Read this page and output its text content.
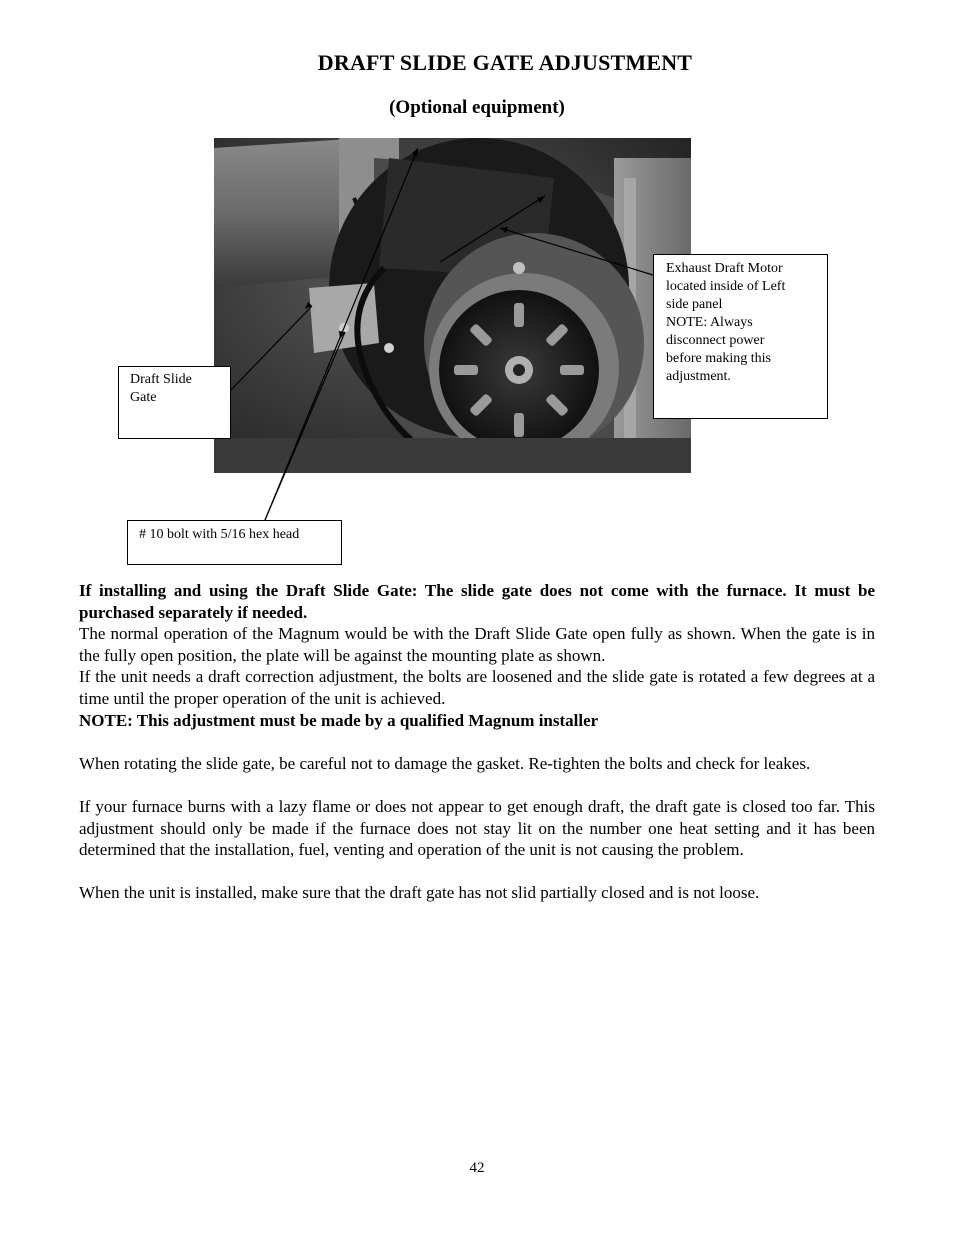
DRAFT SLIDE GATE ADJUSTMENT
(Optional equipment)
Draft Slide
Gate
Exhaust Draft Motor
located inside of Left
side panel
NOTE: Always
disconnect power
before making this
adjustment.
# 10 bolt with 5/16 hex head

If installing and using the Draft Slide Gate: The slide gate does not come with the furnace. It must be purchased separately if needed.

The normal operation of the Magnum would be with the Draft Slide Gate open fully as shown. When the gate is in the fully open position, the plate will be against the mounting plate as shown.

If the unit needs a draft correction adjustment, the bolts are loosened and the slide gate is rotated a few degrees at a time until the proper operation of the unit is achieved.

NOTE: This adjustment must be made by a qualified Magnum installer

When rotating the slide gate, be careful not to damage the gasket. Re-tighten the bolts and check for leakes.

If your furnace burns with a lazy flame or does not appear to get enough draft, the draft gate is closed too far. This adjustment should only be made if the furnace does not stay lit on the number one heat setting and it has been determined that the installation, fuel, venting and operation of the unit is not causing the problem.

When the unit is installed, make sure that the draft gate has not slid partially closed and is not loose.

42
